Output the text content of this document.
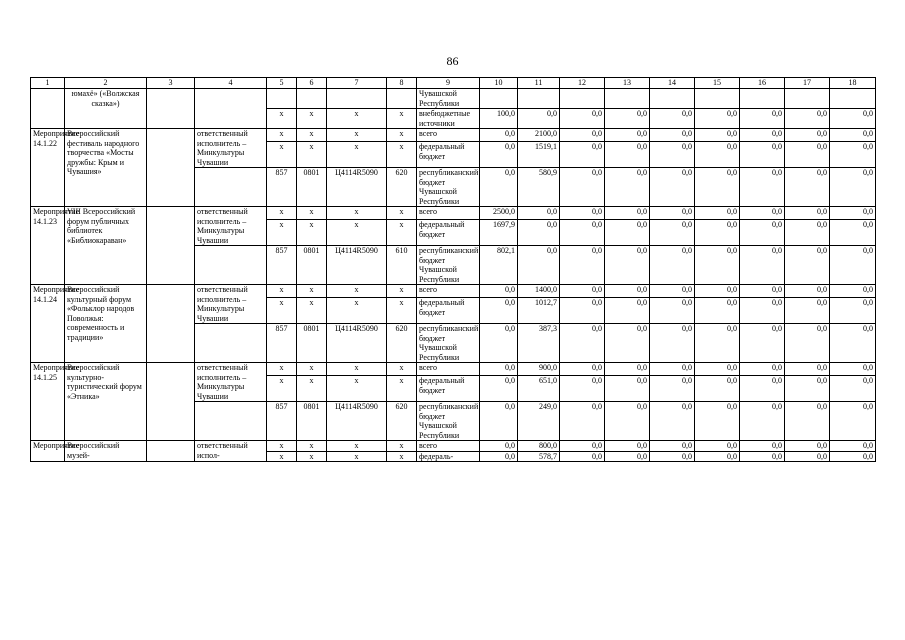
86
1	2	3	4	5	6	7	8	9	10	11	12	13	14	15	16	17	18
	юмахё» («Волжская сказка»)							Чувашской Республики									
				x	x	x	x	внебюджетные источники	100,0	0,0	0,0	0,0	0,0	0,0	0,0	0,0	0,0
Мероприятие 14.1.22	Всероссийский фестиваль народного творчества «Мосты дружбы: Крым и Чувашия»		ответственный исполнитель – Минкультуры Чувашии	x	x	x	x	всего	0,0	2100,0	0,0	0,0	0,0	0,0	0,0	0,0	0,0
				x	x	x	x	федеральный бюджет	0,0	1519,1	0,0	0,0	0,0	0,0	0,0	0,0	0,0
				857	0801	Ц4114R5090	620	республиканский бюджет Чувашской Республики	0,0	580,9	0,0	0,0	0,0	0,0	0,0	0,0	0,0
Мероприятие 14.1.23	VIII Всероссийский форум публичных библиотек «Библиокараван»		ответственный исполнитель – Минкультуры Чувашии	x	x	x	x	всего	2500,0	0,0	0,0	0,0	0,0	0,0	0,0	0,0	0,0
				x	x	x	x	федеральный бюджет	1697,9	0,0	0,0	0,0	0,0	0,0	0,0	0,0	0,0
				857	0801	Ц4114R5090	610	республиканский бюджет Чувашской Республики	802,1	0,0	0,0	0,0	0,0	0,0	0,0	0,0	0,0
Мероприятие 14.1.24	Всероссийский культурный форум «Фольклор народов Поволжья: современность и традиции»		ответственный исполнитель – Минкультуры Чувашии	x	x	x	x	всего	0,0	1400,0	0,0	0,0	0,0	0,0	0,0	0,0	0,0
				x	x	x	x	федеральный бюджет	0,0	1012,7	0,0	0,0	0,0	0,0	0,0	0,0	0,0
				857	0801	Ц4114R5090	620	республиканский бюджет Чувашской Республики	0,0	387,3	0,0	0,0	0,0	0,0	0,0	0,0	0,0
Мероприятие 14.1.25	Всероссийский культурно-туристический форум «Этника»		ответственный исполнитель – Минкультуры Чувашии	x	x	x	x	всего	0,0	900,0	0,0	0,0	0,0	0,0	0,0	0,0	0,0
				x	x	x	x	федеральный бюджет	0,0	651,0	0,0	0,0	0,0	0,0	0,0	0,0	0,0
				857	0801	Ц4114R5090	620	республиканский бюджет Чувашской Республики	0,0	249,0	0,0	0,0	0,0	0,0	0,0	0,0	0,0
Мероприятие	Всероссийский музей-		ответственный испол-	x	x	x	x	всего	0,0	800,0	0,0	0,0	0,0	0,0	0,0	0,0	0,0
				x	x	x	x	федераль-	0,0	578,7	0,0	0,0	0,0	0,0	0,0	0,0	0,0
